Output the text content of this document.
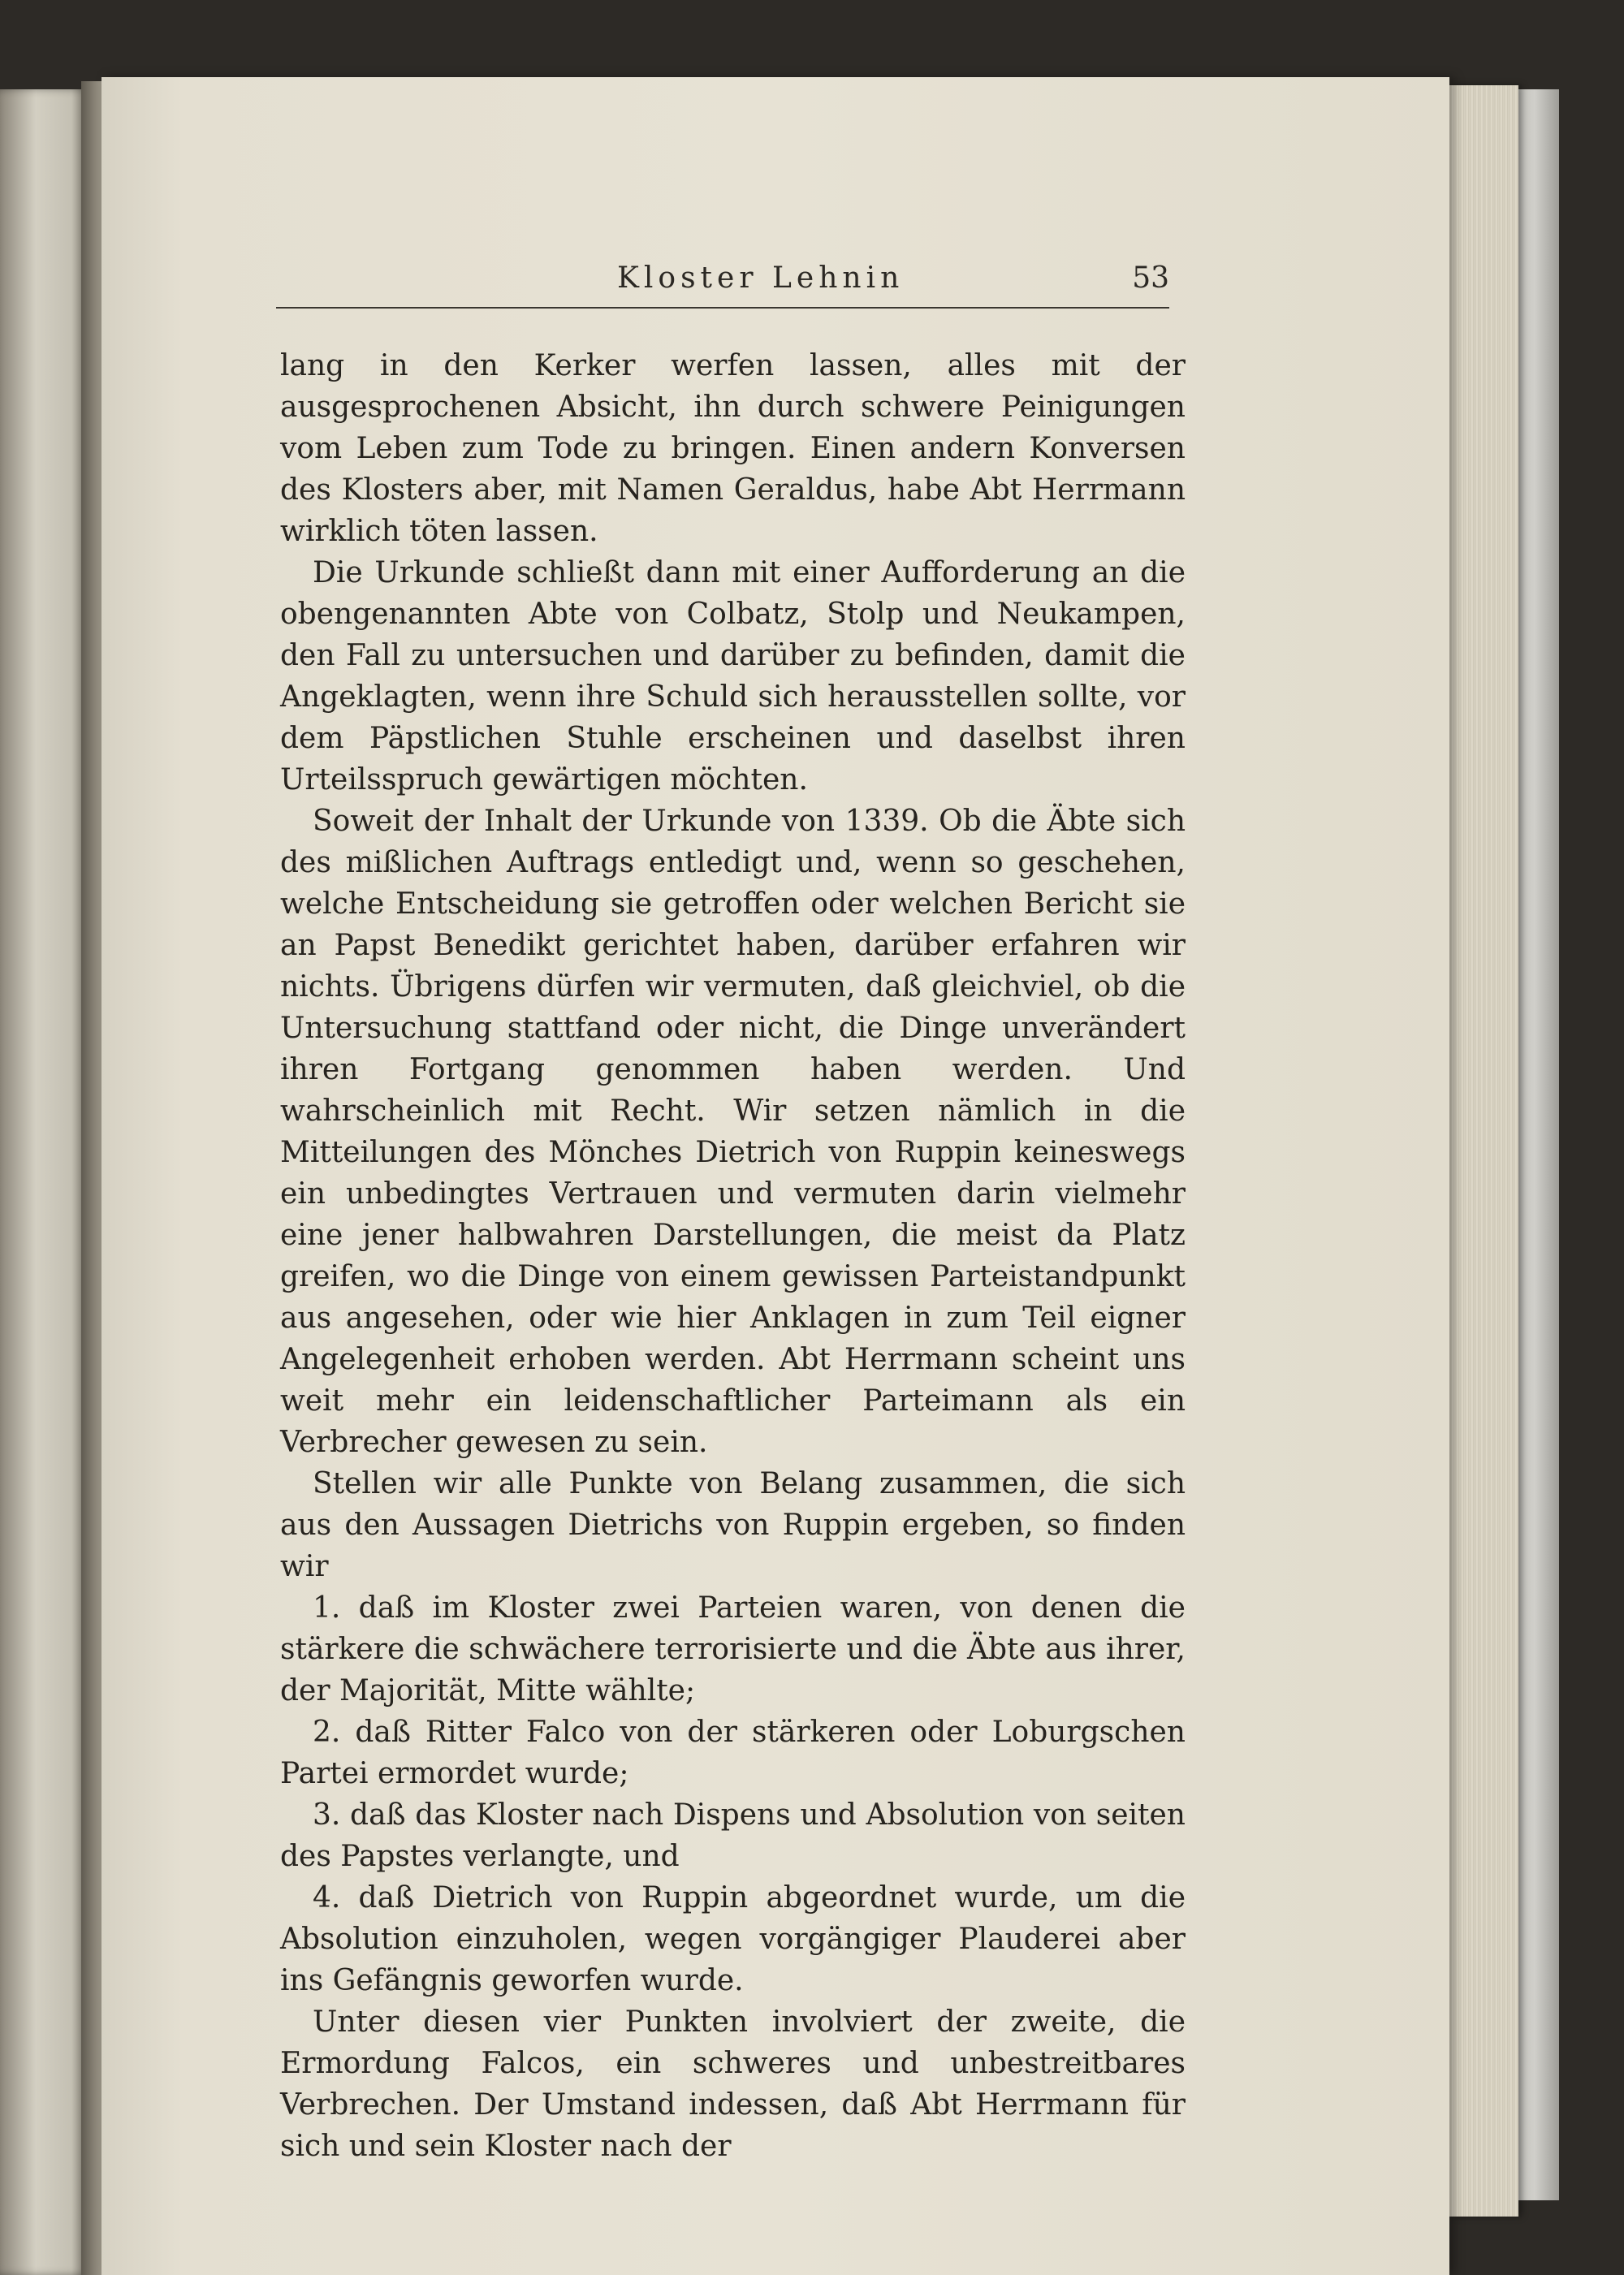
Kloster Lehnin	53

lang in den Kerker werfen lassen, alles mit der ausgesprochenen Absicht, ihn durch schwere Peinigungen vom Leben zum Tode zu bringen. Einen andern Konversen des Klosters aber, mit Namen Geraldus, habe Abt Herrmann wirklich töten lassen.

Die Urkunde schließt dann mit einer Aufforderung an die obengenannten Abte von Colbatz, Stolp und Neukampen, den Fall zu untersuchen und darüber zu befinden, damit die Angeklagten, wenn ihre Schuld sich herausstellen sollte, vor dem Päpstlichen Stuhle erscheinen und daselbst ihren Urteilsspruch gewärtigen möchten.

Soweit der Inhalt der Urkunde von 1339. Ob die Äbte sich des mißlichen Auftrags entledigt und, wenn so geschehen, welche Entscheidung sie getroffen oder welchen Bericht sie an Papst Benedikt gerichtet haben, darüber erfahren wir nichts. Übrigens dürfen wir vermuten, daß gleichviel, ob die Untersuchung stattfand oder nicht, die Dinge unverändert ihren Fortgang genommen haben werden. Und wahrscheinlich mit Recht. Wir setzen nämlich in die Mitteilungen des Mönches Dietrich von Ruppin keineswegs ein unbedingtes Vertrauen und vermuten darin vielmehr eine jener halbwahren Darstellungen, die meist da Platz greifen, wo die Dinge von einem gewissen Parteistandpunkt aus angesehen, oder wie hier Anklagen in zum Teil eigner Angelegenheit erhoben werden. Abt Herrmann scheint uns weit mehr ein leidenschaftlicher Parteimann als ein Verbrecher gewesen zu sein.

Stellen wir alle Punkte von Belang zusammen, die sich aus den Aussagen Dietrichs von Ruppin ergeben, so finden wir

1. daß im Kloster zwei Parteien waren, von denen die stärkere die schwächere terrorisierte und die Äbte aus ihrer, der Majorität, Mitte wählte;

2. daß Ritter Falco von der stärkeren oder Loburgschen Partei ermordet wurde;

3. daß das Kloster nach Dispens und Absolution von seiten des Papstes verlangte, und

4. daß Dietrich von Ruppin abgeordnet wurde, um die Absolution einzuholen, wegen vorgängiger Plauderei aber ins Gefängnis geworfen wurde.

Unter diesen vier Punkten involviert der zweite, die Ermordung Falcos, ein schweres und unbestreitbares Verbrechen. Der Umstand indessen, daß Abt Herrmann für sich und sein Kloster nach der
